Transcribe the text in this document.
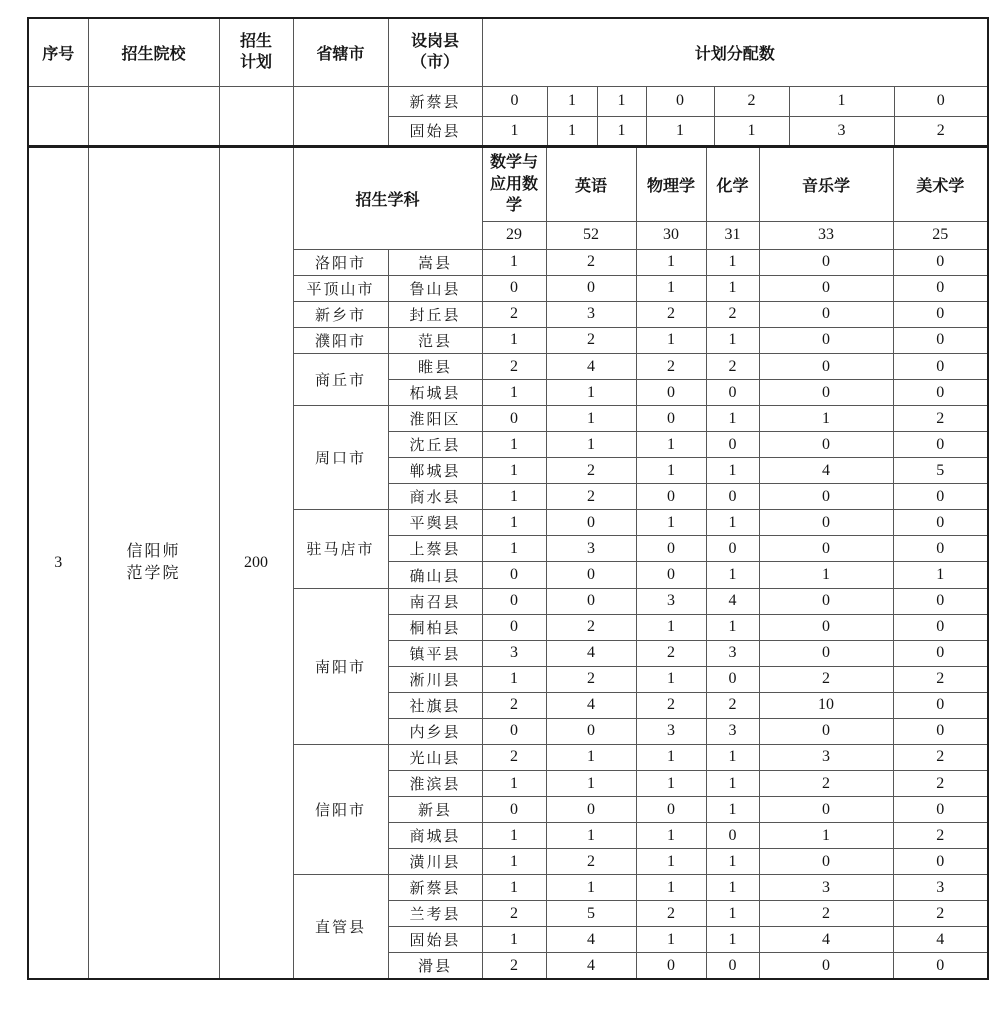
序号	招生院校	招生计划	省辖市	设岗县（市）	计划分配数						
				新蔡县	0	1	1	0	2	1	0
				固始县	1	1	1	1	1	3	2
3	信阳师范学院	200	招生学科		数学与应用数学	英语	物理学	化学	音乐学	美术学
					29	52	30	31	33	25
			洛阳市	嵩县	1	2	1	1	0	0
			平顶山市	鲁山县	0	0	1	1	0	0
			新乡市	封丘县	2	3	2	2	0	0
			濮阳市	范县	1	2	1	1	0	0
			商丘市	睢县	2	4	2	2	0	0
				柘城县	1	1	0	0	0	0
			周口市	淮阳区	0	1	0	1	1	2
				沈丘县	1	1	1	0	0	0
				郸城县	1	2	1	1	4	5
				商水县	1	2	0	0	0	0
			驻马店市	平舆县	1	0	1	1	0	0
				上蔡县	1	3	0	0	0	0
				确山县	0	0	0	1	1	1
			南阳市	南召县	0	0	3	4	0	0
				桐柏县	0	2	1	1	0	0
				镇平县	3	4	2	3	0	0
				淅川县	1	2	1	0	2	2
				社旗县	2	4	2	2	10	0
				内乡县	0	0	3	3	0	0
			信阳市	光山县	2	1	1	1	3	2
				淮滨县	1	1	1	1	2	2
				新县	0	0	0	1	0	0
				商城县	1	1	1	0	1	2
				潢川县	1	2	1	1	0	0
			直管县	新蔡县	1	1	1	1	3	3
				兰考县	2	5	2	1	2	2
				固始县	1	4	1	1	4	4
				滑县	2	4	0	0	0	0
